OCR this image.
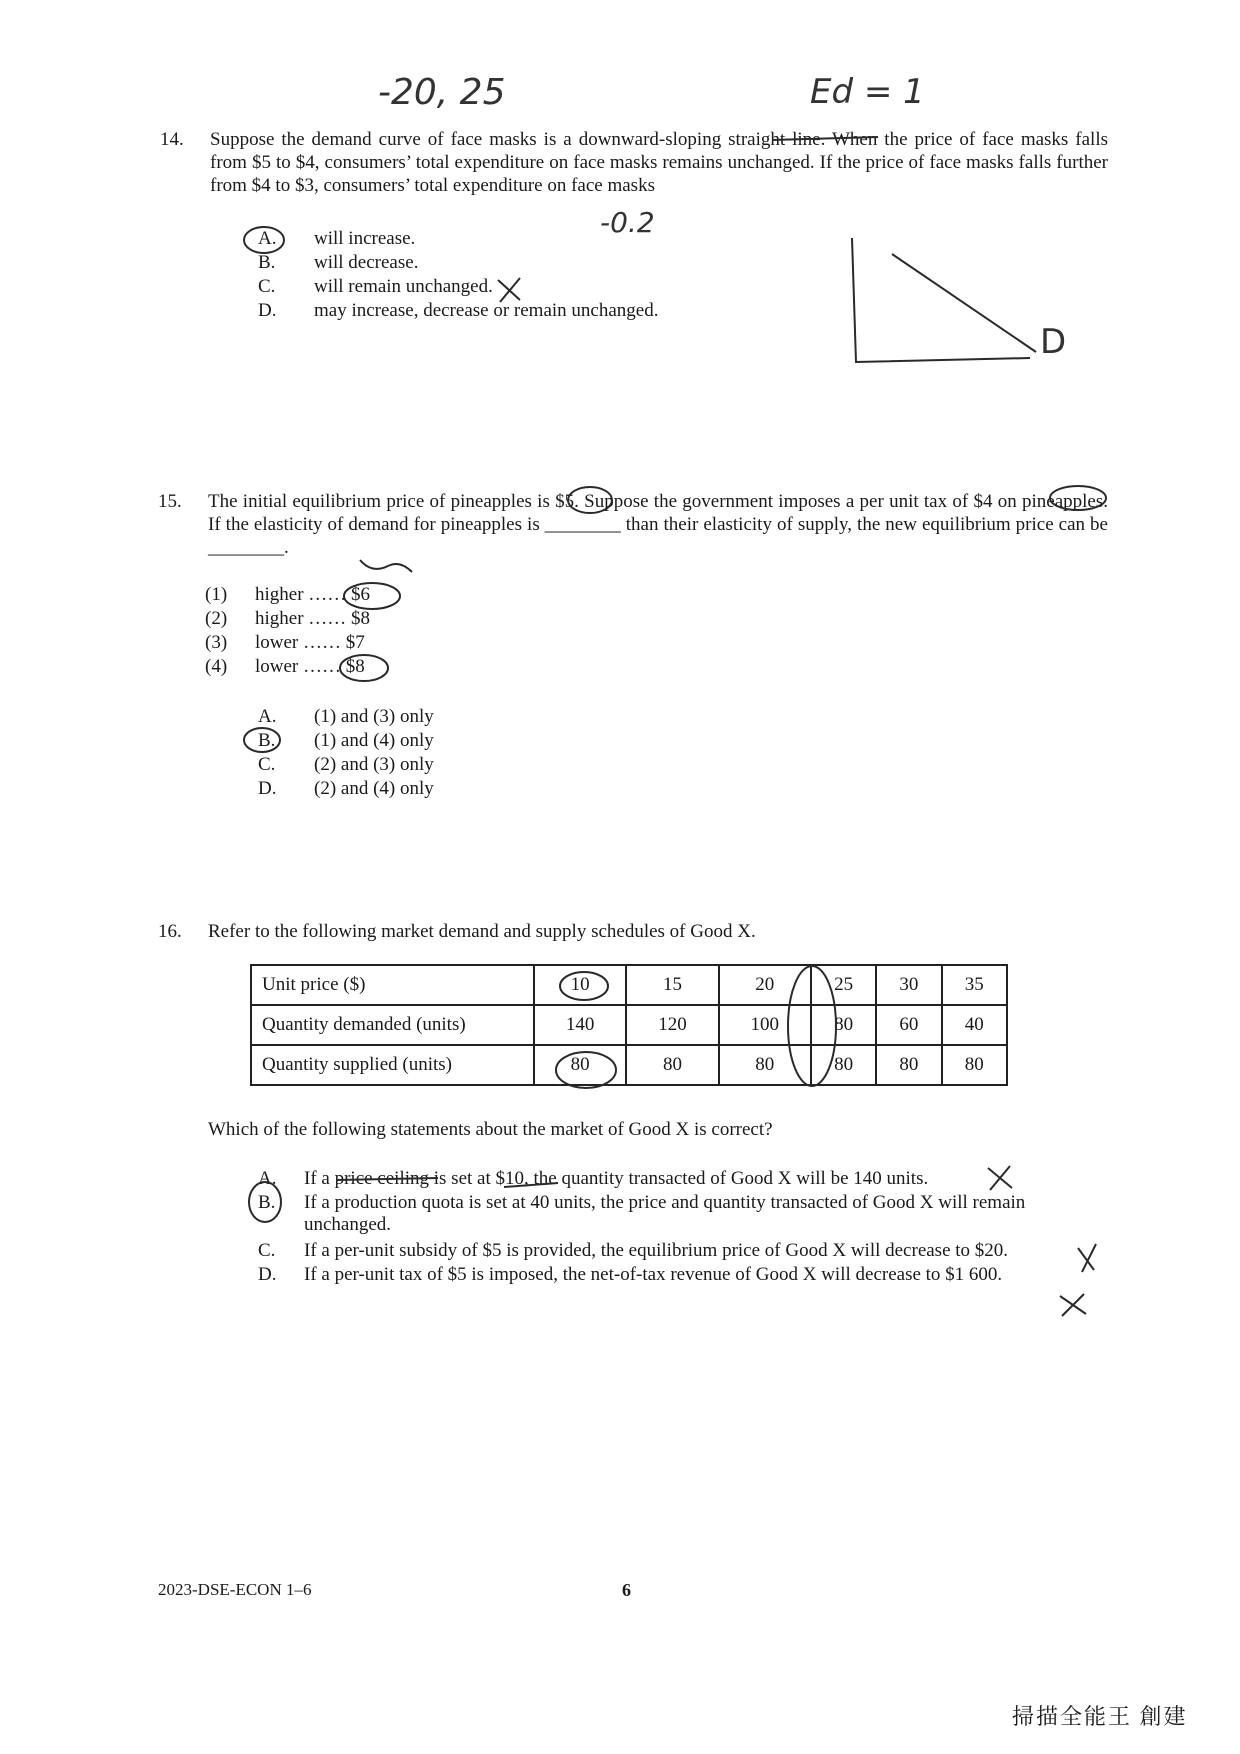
14. Suppose the demand curve of face masks is a downward-sloping straight line. When the price of face masks falls from $5 to $4, consumers’ total expenditure on face masks remains unchanged. If the price of face masks falls further from $4 to $3, consumers’ total expenditure on face masks
A.	will increase.
B.	will decrease.
C.	will remain unchanged.
D.	may increase, decrease or remain unchanged.
15. The initial equilibrium price of pineapples is $5. Suppose the government imposes a per unit tax of $4 on pineapples. If the elasticity of demand for pineapples is ________ than their elasticity of supply, the new equilibrium price can be ________.
(1) higher …… $6
(2) higher …… $8
(3) lower …… $7
(4) lower …… $8
A.	(1) and (3) only
B.	(1) and (4) only
C.	(2) and (3) only
D.	(2) and (4) only
16. Refer to the following market demand and supply schedules of Good X.
Unit price ($)	10	15	20	25	30	35
Quantity demanded (units)	140	120	100	80	60	40
Quantity supplied (units)	80	80	80	80	80	80
Which of the following statements about the market of Good X is correct?
A.	If a price ceiling is set at $10, the quantity transacted of Good X will be 140 units.
B.	If a production quota is set at 40 units, the price and quantity transacted of Good X will remain unchanged.
C.	If a per-unit subsidy of $5 is provided, the equilibrium price of Good X will decrease to $20.
D.	If a per-unit tax of $5 is imposed, the net-of-tax revenue of Good X will decrease to $1 600.
2023-DSE-ECON 1–6	6
掃描全能王 創建
-20, 25	Ed = 1
-0.2
D
